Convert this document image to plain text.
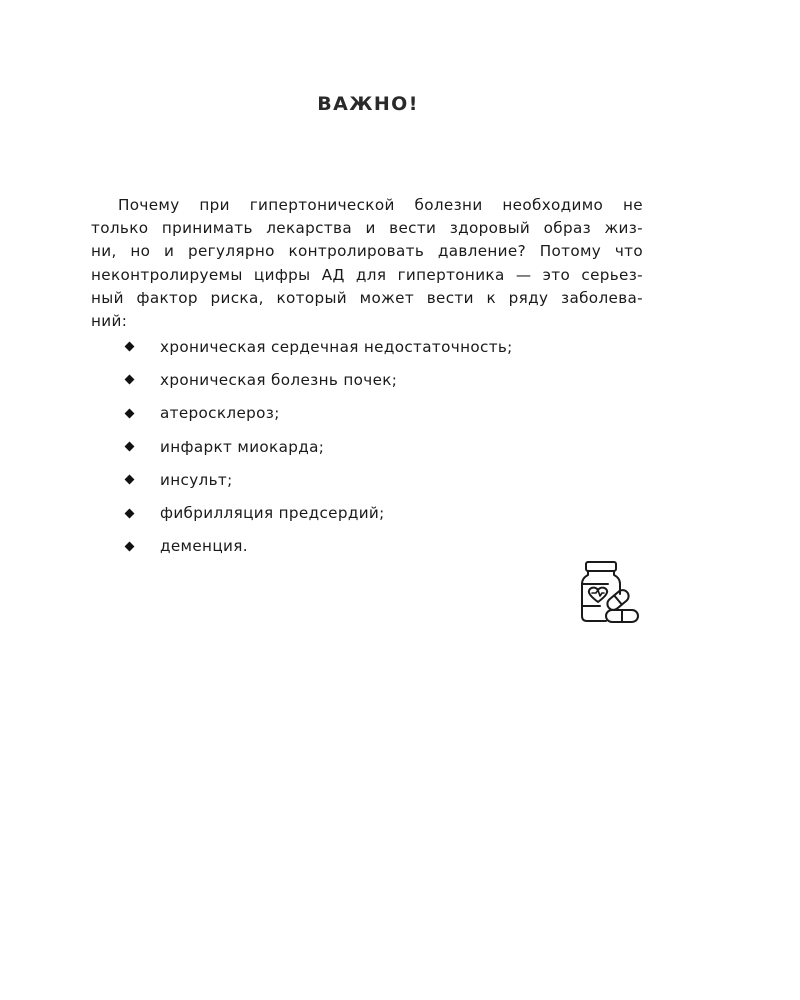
ВАЖНО!

Почему при гипертонической болезни необходимо не
только принимать лекарства и вести здоровый образ жиз-
ни, но и регулярно контролировать давление? Потому что
неконтролируемы цифры АД для гипертоника — это серьез-
ный фактор риска, который может вести к ряду заболева-
ний:

хроническая сердечная недостаточность;
хроническая болезнь почек;
атеросклероз;
инфаркт миокарда;
инсульт;
фибрилляция предсердий;
деменция.
